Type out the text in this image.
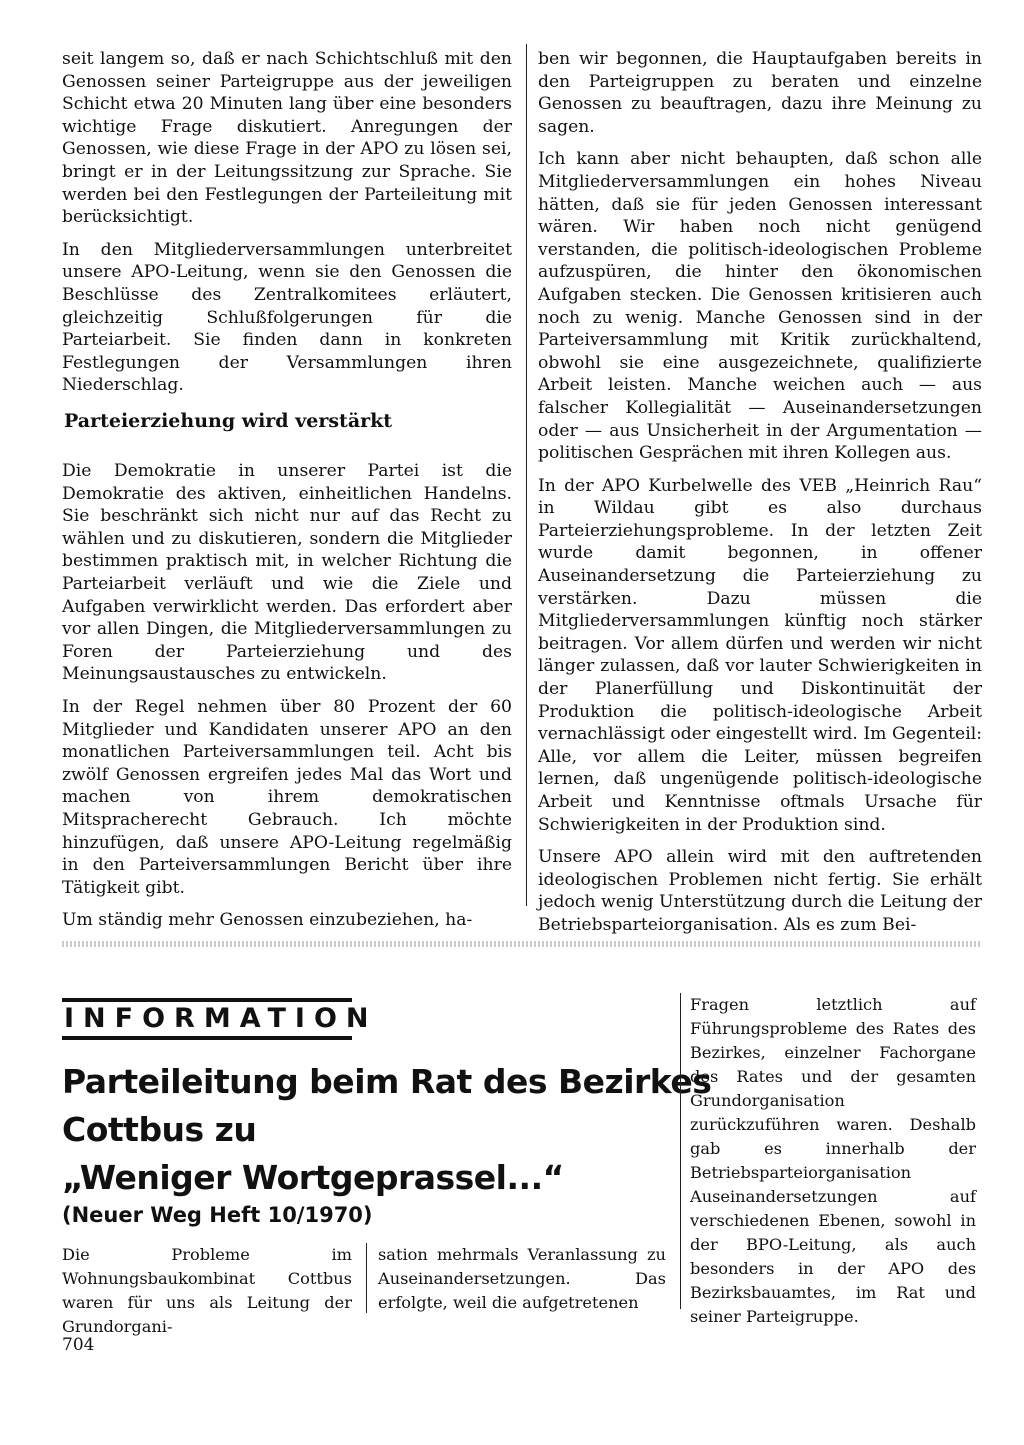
seit langem so, daß er nach Schichtschluß mit den Genossen seiner Parteigruppe aus der jeweiligen Schicht etwa 20 Minuten lang über eine besonders wichtige Frage diskutiert. Anregungen der Genossen, wie diese Frage in der APO zu lösen sei, bringt er in der Leitungssitzung zur Sprache. Sie werden bei den Festlegungen der Parteileitung mit berücksichtigt.

In den Mitgliederversammlungen unterbreitet unsere APO-Leitung, wenn sie den Genossen die Beschlüsse des Zentralkomitees erläutert, gleichzeitig Schlußfolgerungen für die Parteiarbeit. Sie finden dann in konkreten Festlegungen der Versammlungen ihren Niederschlag.

Parteierziehung wird verstärkt

Die Demokratie in unserer Partei ist die Demokratie des aktiven, einheitlichen Handelns. Sie beschränkt sich nicht nur auf das Recht zu wählen und zu diskutieren, sondern die Mitglieder bestimmen praktisch mit, in welcher Richtung die Parteiarbeit verläuft und wie die Ziele und Aufgaben verwirklicht werden. Das erfordert aber vor allen Dingen, die Mitgliederversammlungen zu Foren der Parteierziehung und des Meinungsaustausches zu entwickeln.

In der Regel nehmen über 80 Prozent der 60 Mitglieder und Kandidaten unserer APO an den monatlichen Parteiversammlungen teil. Acht bis zwölf Genossen ergreifen jedes Mal das Wort und machen von ihrem demokratischen Mitspracherecht Gebrauch. Ich möchte hinzufügen, daß unsere APO-Leitung regelmäßig in den Parteiversammlungen Bericht über ihre Tätigkeit gibt.

Um ständig mehr Genossen einzubeziehen, ha-

ben wir begonnen, die Hauptaufgaben bereits in den Parteigruppen zu beraten und einzelne Genossen zu beauftragen, dazu ihre Meinung zu sagen.

Ich kann aber nicht behaupten, daß schon alle Mitgliederversammlungen ein hohes Niveau hätten, daß sie für jeden Genossen interessant wären. Wir haben noch nicht genügend verstanden, die politisch-ideologischen Probleme aufzuspüren, die hinter den ökonomischen Aufgaben stecken. Die Genossen kritisieren auch noch zu wenig. Manche Genossen sind in der Parteiversammlung mit Kritik zurückhaltend, obwohl sie eine ausgezeichnete, qualifizierte Arbeit leisten. Manche weichen auch — aus falscher Kollegialität — Auseinandersetzungen oder — aus Unsicherheit in der Argumentation — politischen Gesprächen mit ihren Kollegen aus.

In der APO Kurbelwelle des VEB „Heinrich Rau“ in Wildau gibt es also durchaus Parteierziehungsprobleme. In der letzten Zeit wurde damit begonnen, in offener Auseinandersetzung die Parteierziehung zu verstärken. Dazu müssen die Mitgliederversammlungen künftig noch stärker beitragen. Vor allem dürfen und werden wir nicht länger zulassen, daß vor lauter Schwierigkeiten in der Planerfüllung und Diskontinuität der Produktion die politisch-ideologische Arbeit vernachlässigt oder eingestellt wird. Im Gegenteil: Alle, vor allem die Leiter, müssen begreifen lernen, daß ungenügende politisch-ideologische Arbeit und Kenntnisse oftmals Ursache für Schwierigkeiten in der Produktion sind.

Unsere APO allein wird mit den auftretenden ideologischen Problemen nicht fertig. Sie erhält jedoch wenig Unterstützung durch die Leitung der Betriebsparteiorganisation. Als es zum Bei-

INFORMATION
Parteileitung beim Rat des Bezirkes
Cottbus zu
„Weniger Wortgeprassel...“
(Neuer Weg Heft 10/1970)

Die Probleme im Wohnungsbaukombinat Cottbus waren für uns als Leitung der Grundorgani-

sation mehrmals Veranlassung zu Auseinandersetzungen. Das erfolgte, weil die aufgetretenen

Fragen letztlich auf Führungsprobleme des Rates des Bezirkes, einzelner Fachorgane des Rates und der gesamten Grundorganisation zurückzuführen waren. Deshalb gab es innerhalb der Betriebsparteiorganisation Auseinandersetzungen auf verschiedenen Ebenen, sowohl in der BPO-Leitung, als auch besonders in der APO des Bezirksbauamtes, im Rat und seiner Parteigruppe.

704
